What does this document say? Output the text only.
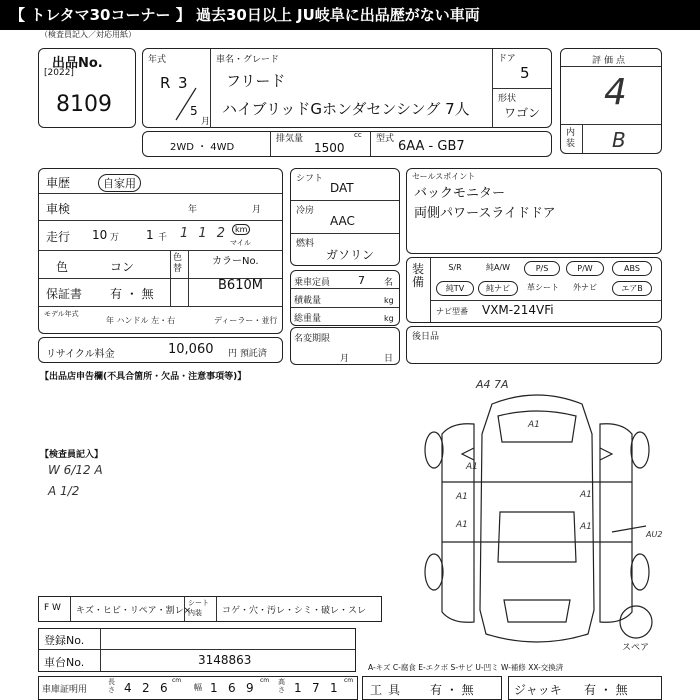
【 トレタマ30コーナー 】 過去30日以上 JU岐阜に出品歴がない車両
（検査員記入／対応用紙）
出品No.
[2022]
8109
年式
R 3
5
月
車名・グレード
フリード
ハイブリッドGホンダセンシング 7人
ドア
5
形状
ワゴン
評価点
4
内装 B
2WD ・ 4WD
排気量	cc
1500
型式 6AA - GB7
車歴	自家用
車検	年	月
走行 10 万 1 千 1 1 2 km
マイル
色	コン
色替
保証書 有 ・ 無
モデル年式
年 ハンドル 左・右	ディーラー・並行
カラーNo.
B610M
リサイクル料金	10,060 円 預託済
シフト
DAT
冷房
AAC
燃料
ガソリン
乗車定員	7 名
積載量	kg
総重量	kg
名変期限
月	日
セールスポイント
バックモニター
両側パワースライドドア
装備
S/R	純A/W	P/S	P/W	ABS
純TV	純ナビ	革シート	外ナビ	エアB
ナビ型番 VXM-214VFi
後日品
【出品店申告欄(不具合箇所・欠品・注意事項等)】
【検査員記入】
W 6/12 A
A 1/2
A4 7A
A1
A1
A1
A1
A1
A1
AU2
スペア
F W キズ・ヒビ・リペア・割レ×
シート内装	コゲ・穴・汚レ・シミ・破レ・スレ
登録No.
車台No.	3148863
A-キズ C-腐食 E-エクボ S-サビ U-凹ミ W-補修 XX-交換済
車庫証明用
長さ 4 2 6
cm
幅 1 6 9
cm 高さ 1 7 1
cm
工具 有 ・ 無	ジャッキ 有 ・ 無
